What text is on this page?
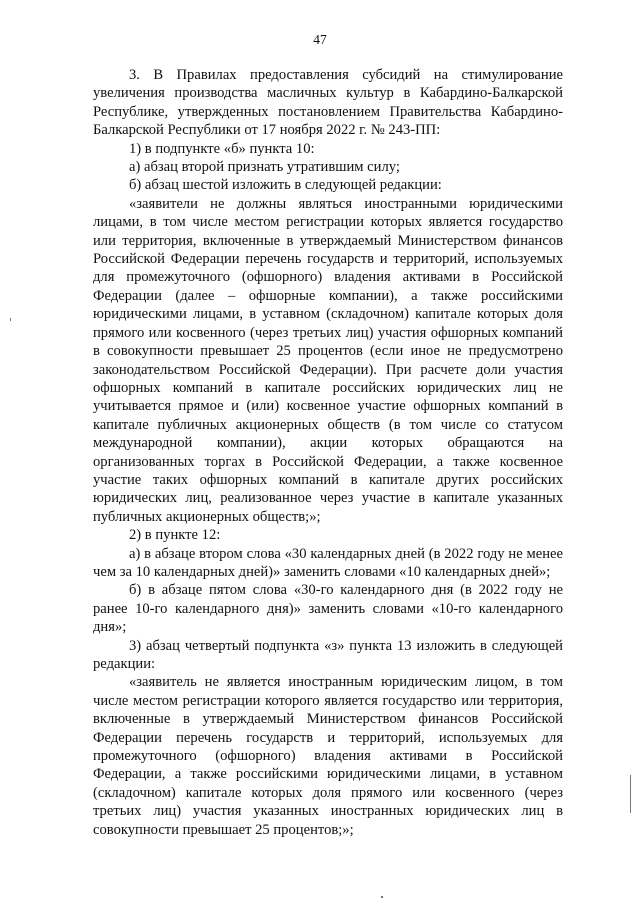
47

3. В Правилах предоставления субсидий на стимулирование увеличения производства масличных культур в Кабардино-Балкарской Республике, утвержденных постановлением Правительства Кабардино-Балкарской Республики от 17 ноября 2022 г. № 243-ПП:

1) в подпункте «б» пункта 10:

а) абзац второй признать утратившим силу;

б) абзац шестой изложить в следующей редакции:

«заявители не должны являться иностранными юридическими лицами, в том числе местом регистрации которых является государство или территория, включенные в утверждаемый Министерством финансов Российской Федерации перечень государств и территорий, используемых для промежуточного (офшорного) владения активами в Российской Федерации (далее – офшорные компании), а также российскими юридическими лицами, в уставном (складочном) капитале которых доля прямого или косвенного (через третьих лиц) участия офшорных компаний в совокупности превышает 25 процентов (если иное не предусмотрено законодательством Российской Федерации). При расчете доли участия офшорных компаний в капитале российских юридических лиц не учитывается прямое и (или) косвенное участие офшорных компаний в капитале публичных акционерных обществ (в том числе со статусом международной компании), акции которых обращаются на организованных торгах в Российской Федерации, а также косвенное участие таких офшорных компаний в капитале других российских юридических лиц, реализованное через участие в капитале указанных публичных акционерных обществ;»;

2) в пункте 12:

а) в абзаце втором слова «30 календарных дней (в 2022 году не менее чем за 10 календарных дней)» заменить словами «10 календарных дней»;

б) в абзаце пятом слова «30-го календарного дня (в 2022 году не ранее 10-го календарного дня)» заменить словами «10-го календарного дня»;

3) абзац четвертый подпункта «з» пункта 13 изложить в следующей редакции:

«заявитель не является иностранным юридическим лицом, в том числе местом регистрации которого является государство или территория, включенные в утверждаемый Министерством финансов Российской Федерации перечень государств и территорий, используемых для промежуточного (офшорного) владения активами в Российской Федерации, а также российскими юридическими лицами, в уставном (складочном) капитале которых доля прямого или косвенного (через третьих лиц) участия указанных иностранных юридических лиц в совокупности превышает 25 процентов;»;
